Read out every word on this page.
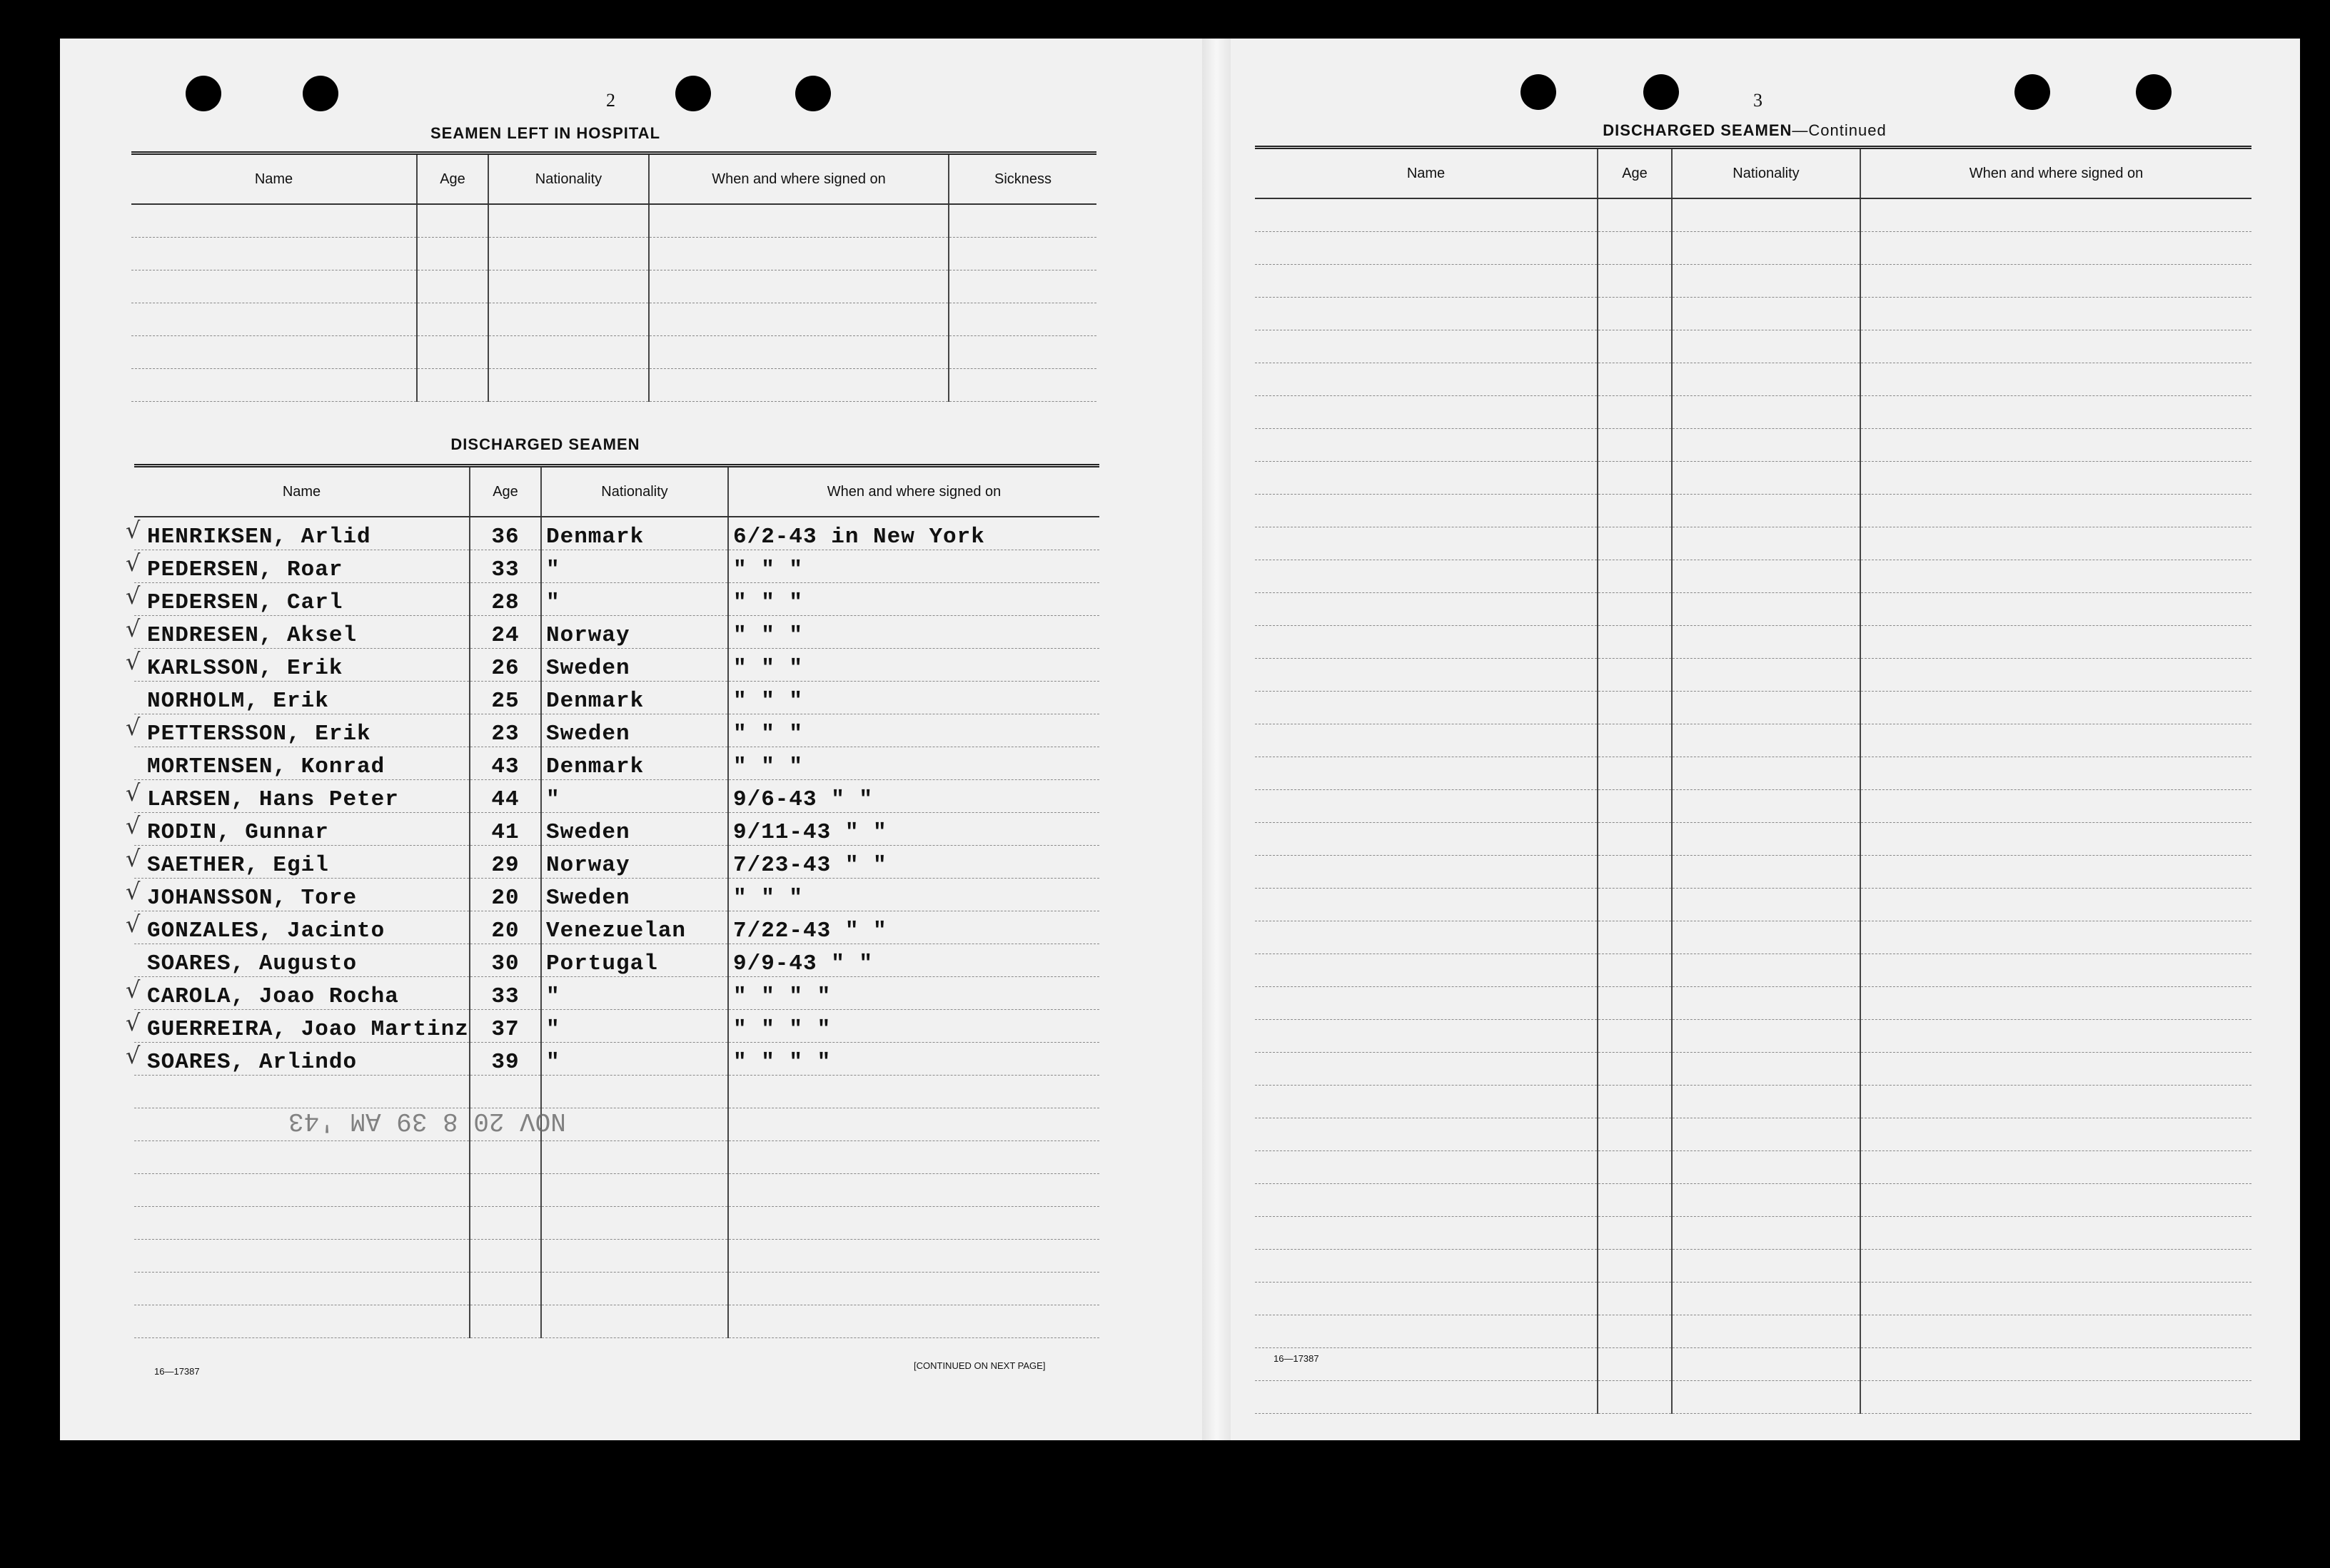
2
SEAMEN LEFT IN HOSPITAL
Name	Age	Nationality	When and where signed on	Sickness

DISCHARGED SEAMEN
Name	Age	Nationality	When and where signed on
HENRIKSEN, Arlid	36	Denmark	6/2-43 in New York
PEDERSEN, Roar	33	"	" " "
PEDERSEN, Carl	28	"	" " "
ENDRESEN, Aksel	24	Norway	" " "
KARLSSON, Erik	26	Sweden	" " "
NORHOLM, Erik	25	Denmark	" " "
PETTERSSON, Erik	23	Sweden	" " "
MORTENSEN, Konrad	43	Denmark	" " "
LARSEN, Hans Peter	44	"	9/6-43 " "
RODIN, Gunnar	41	Sweden	9/11-43 " "
SAETHER, Egil	29	Norway	7/23-43 " "
JOHANSSON, Tore	20	Sweden	" " "
GONZALES, Jacinto	20	Venezuelan	7/22-43 " "
SOARES, Augusto	30	Portugal	9/9-43 " "
CAROLA, Joao Rocha	33	"	" " " "
GUERREIRA, Joao Martinz	37	"	" " " "
SOARES, Arlindo	39	"	" " " "

NOV 20 8 39 AM '43
16—17387
[CONTINUED ON NEXT PAGE]
3
DISCHARGED SEAMEN—Continued
Name	Age	Nationality	When and where signed on

16—17387
√
√
√
√
√
√
√
√
√
√
√
√
√
√
